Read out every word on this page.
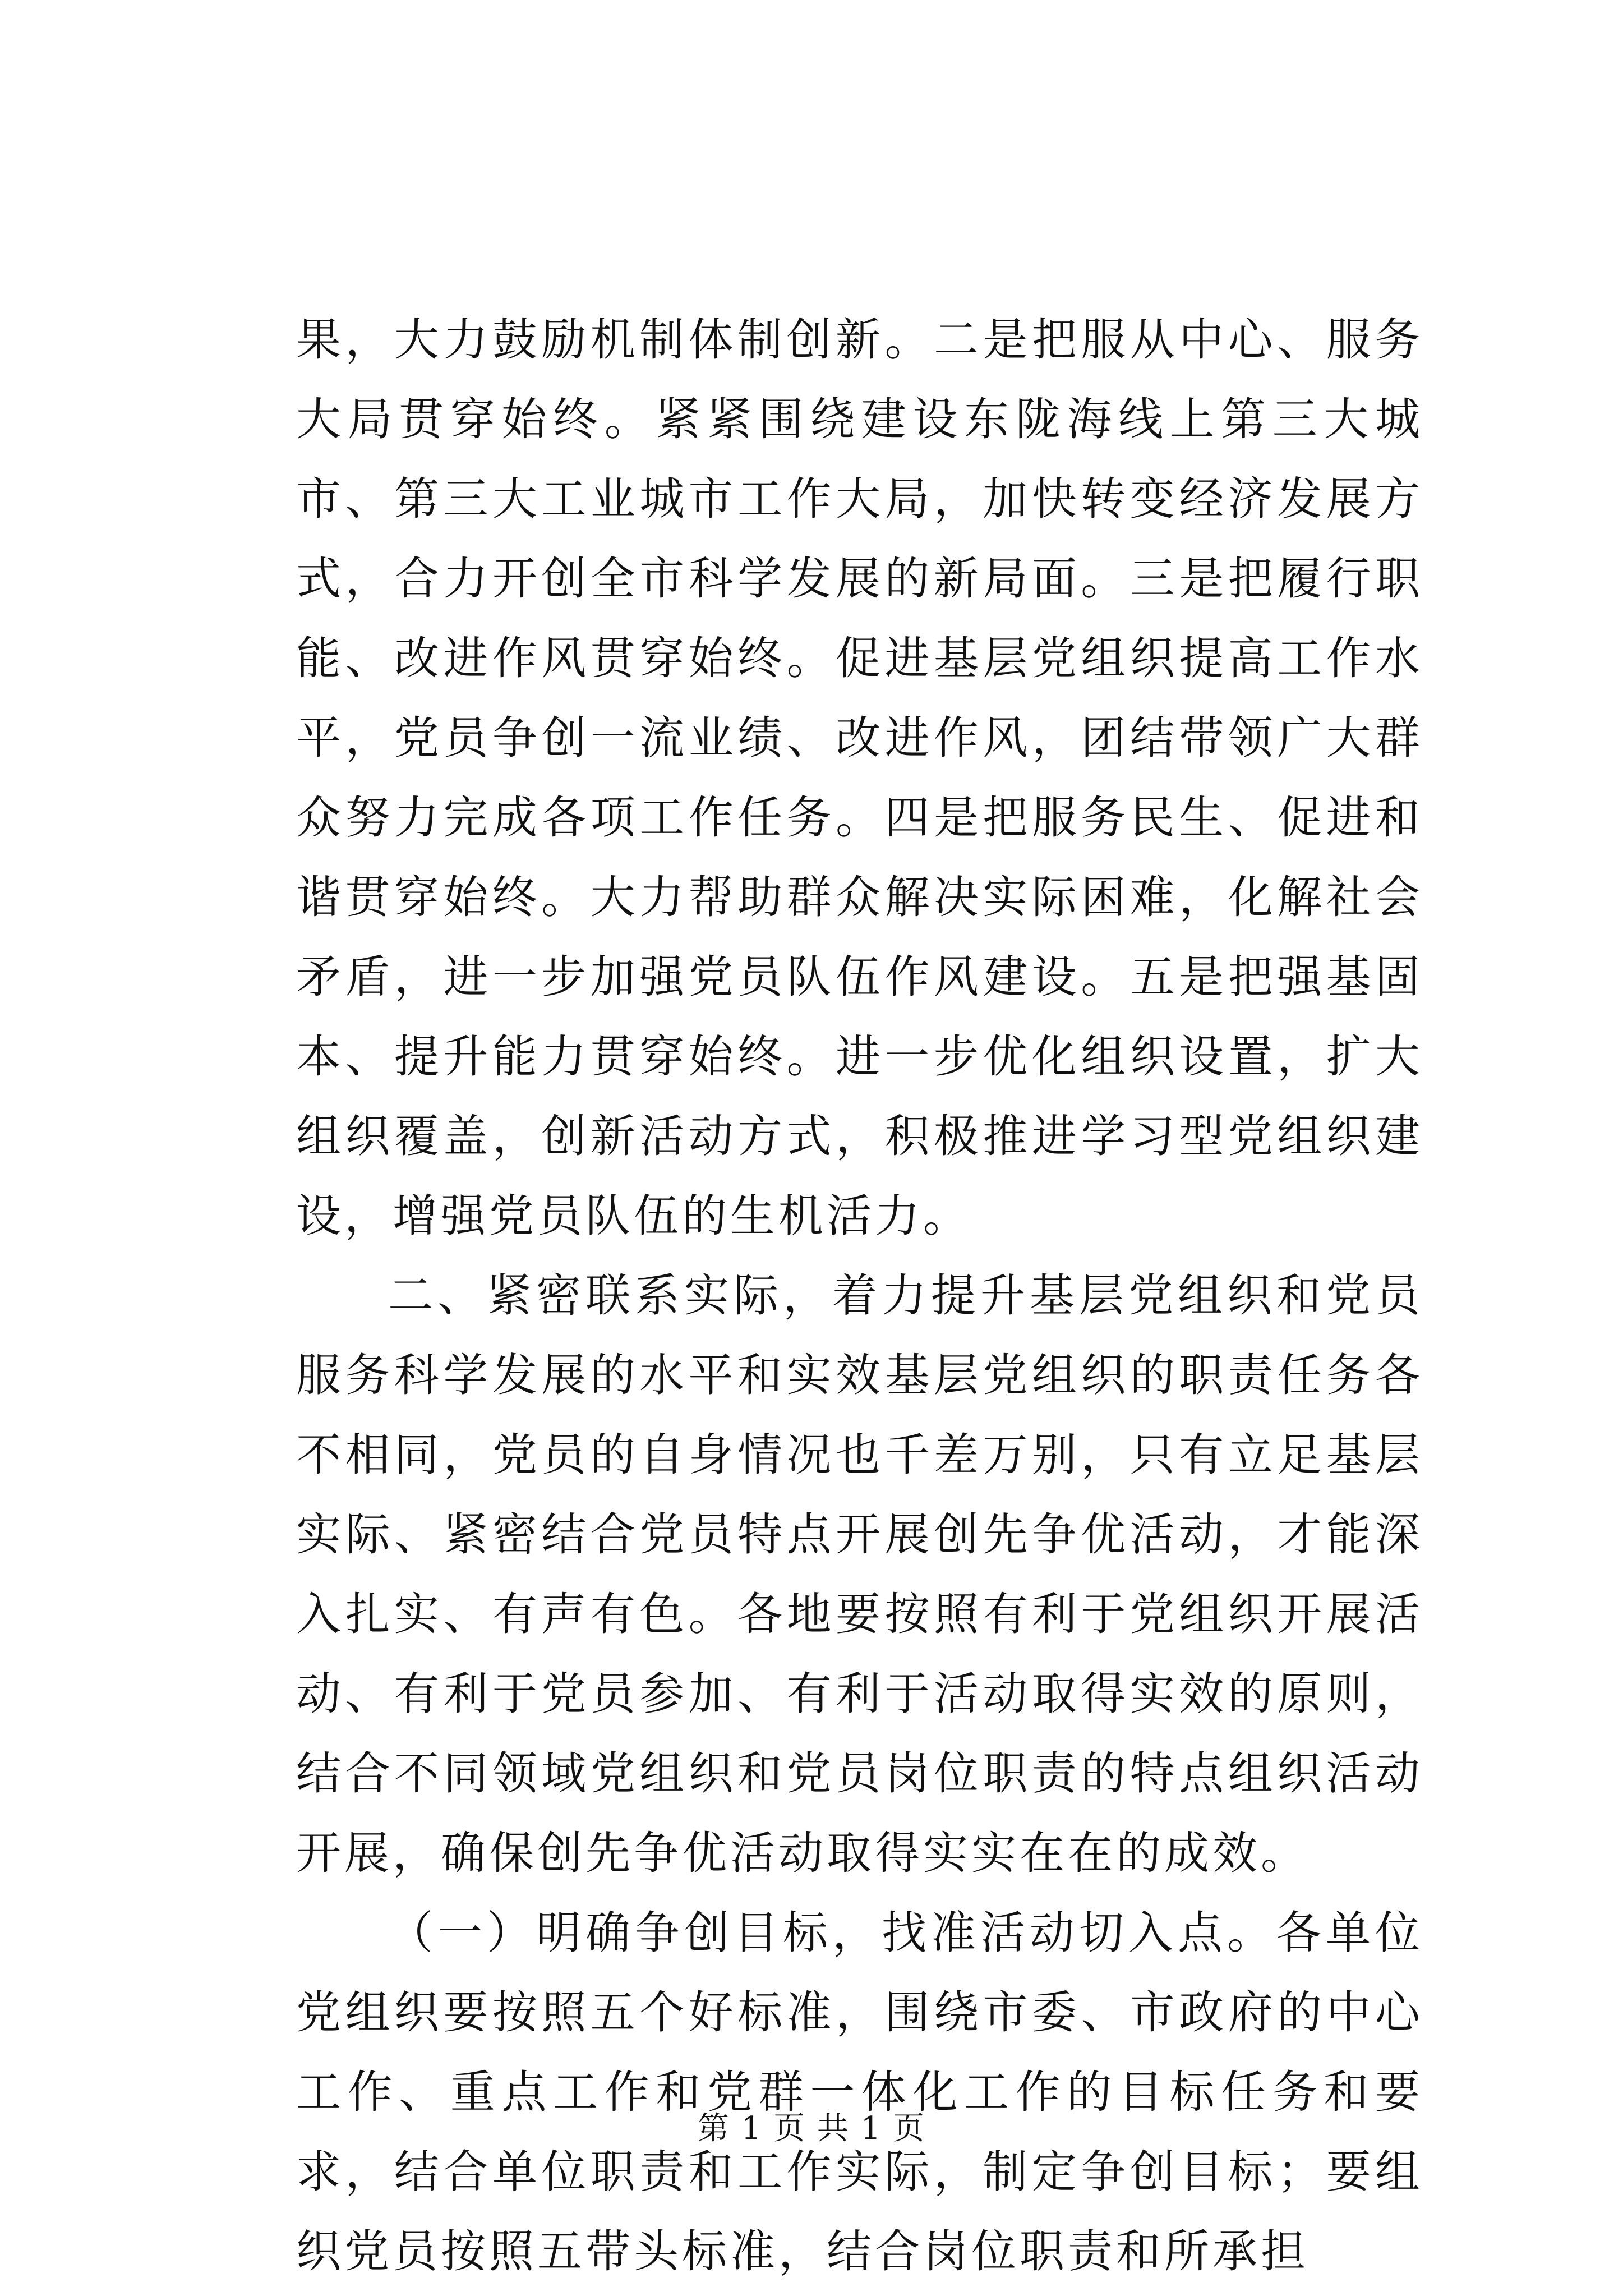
果，大力鼓励机制体制创新。二是把服从中心、服务大局贯穿始终。紧紧围绕建设东陇海线上第三大城市、第三大工业城市工作大局，加快转变经济发展方式，合力开创全市科学发展的新局面。三是把履行职能、改进作风贯穿始终。促进基层党组织提高工作水平，党员争创一流业绩、改进作风，团结带领广大群众努力完成各项工作任务。四是把服务民生、促进和谐贯穿始终。大力帮助群众解决实际困难，化解社会矛盾，进一步加强党员队伍作风建设。五是把强基固本、提升能力贯穿始终。进一步优化组织设置，扩大组织覆盖，创新活动方式，积极推进学习型党组织建设，增强党员队伍的生机活力。

二、紧密联系实际，着力提升基层党组织和党员服务科学发展的水平和实效基层党组织的职责任务各不相同，党员的自身情况也千差万别，只有立足基层实际、紧密结合党员特点开展创先争优活动，才能深入扎实、有声有色。各地要按照有利于党组织开展活动、有利于党员参加、有利于活动取得实效的原则，结合不同领域党组织和党员岗位职责的特点组织活动开展，确保创先争优活动取得实实在在的成效。

（一）明确争创目标，找准活动切入点。各单位党组织要按照五个好标准，围绕市委、市政府的中心工作、重点工作和党群一体化工作的目标任务和要求，结合单位职责和工作实际，制定争创目标；要组织党员按照五带头标准，结合岗位职责和所承担

第 1 页 共 1 页
